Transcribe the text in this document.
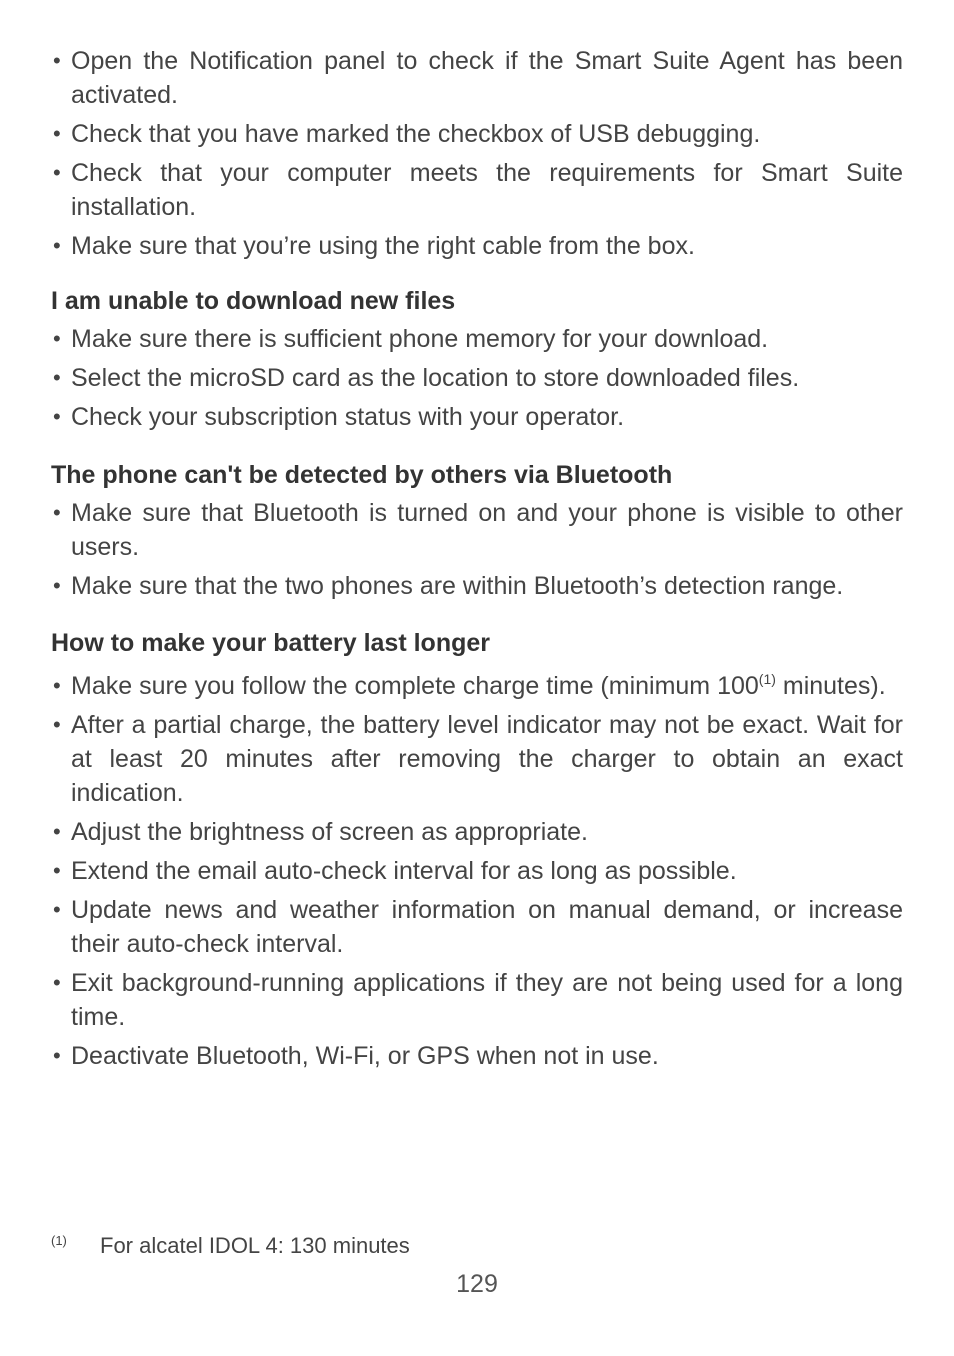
• Open the Notification panel to check if the Smart Suite Agent has been activated.
• Check that you have marked the checkbox of USB debugging.
• Check that your computer meets the requirements for Smart Suite installation.
• Make sure that you’re using the right cable from the box.
I am unable to download new files
• Make sure there is sufficient phone memory for your download.
• Select the microSD card as the location to store downloaded files.
• Check your subscription status with your operator.
The phone can't be detected by others via Bluetooth
• Make sure that Bluetooth is turned on and your phone is visible to other users.
• Make sure that the two phones are within Bluetooth’s detection range.
How to make your battery last longer
• Make sure you follow the complete charge time (minimum 100$^{(1)}$ minutes).
• After a partial charge, the battery level indicator may not be exact. Wait for at least 20 minutes after removing the charger to obtain an exact indication.
• Adjust the brightness of screen as appropriate.
• Extend the email auto-check interval for as long as possible.
• Update news and weather information on manual demand, or increase their auto-check interval.
• Exit background-running applications if they are not being used for a long time.
• Deactivate Bluetooth, Wi-Fi, or GPS when not in use.
(1) For alcatel IDOL 4: 130 minutes
129
